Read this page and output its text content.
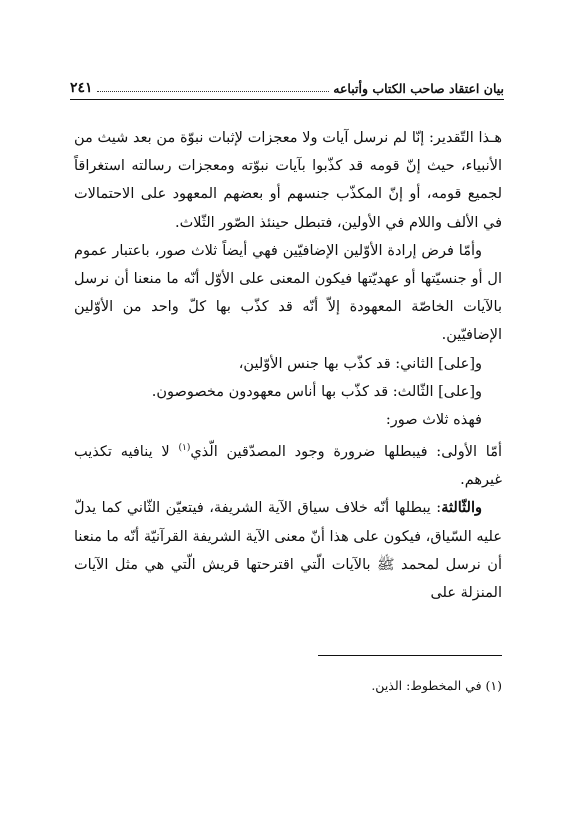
بيان اعتقاد صاحب الكتاب وأتباعه
٢٤١

هـذا التّقدير: إنّا لم نرسل آيات ولا معجزات لإثبات نبوّة من بعد شيث من الأنبياء، حيث إنّ قومه قد كذّبوا بآيات نبوّته ومعجزات رسالته استغراقاً لجميع قومه، أو إنّ المكذّب جنسهم أو بعضهم المعهود على الاحتمالات في الألف واللام في الأولين، فتبطل حينئذ الصّور الثّلاث.

وأمّا فرض إرادة الأوّلين الإضافيّين فهي أيضاً ثلاث صور، باعتبار عموم ال أو جنسيّتها أو عهديّتها فيكون المعنى على الأوّل أنّه ما منعنا أن نرسل بالآيات الخاصّة المعهودة إلاّ أنّه قد كذّب بها كلّ واحد من الأوّلين الإضافيّين.

و[على] الثاني: قد كذّب بها جنس الأوّلين،

و[على] الثّالث: قد كذّب بها أناس معهودون مخصوصون.

فهذه ثلاث صور:

أمّا الأولى: فيبطلها ضرورة وجود المصدّقين الّذي$^{(١)}$ لا ينافيه تكذيب غيرهم.

والثّالثة: يبطلها أنّه خلاف سياق الآية الشريفة، فيتعيّن الثّاني كما يدلّ عليه السّياق، فيكون على هذا أنّ معنى الآية الشريفة القرآنيّة أنّه ما منعنا أن نرسل لمحمد ﷺ بالآيات الّتي اقترحتها قريش الّتي هي مثل الآيات المنزلة على

(١) في المخطوط: الذين.
